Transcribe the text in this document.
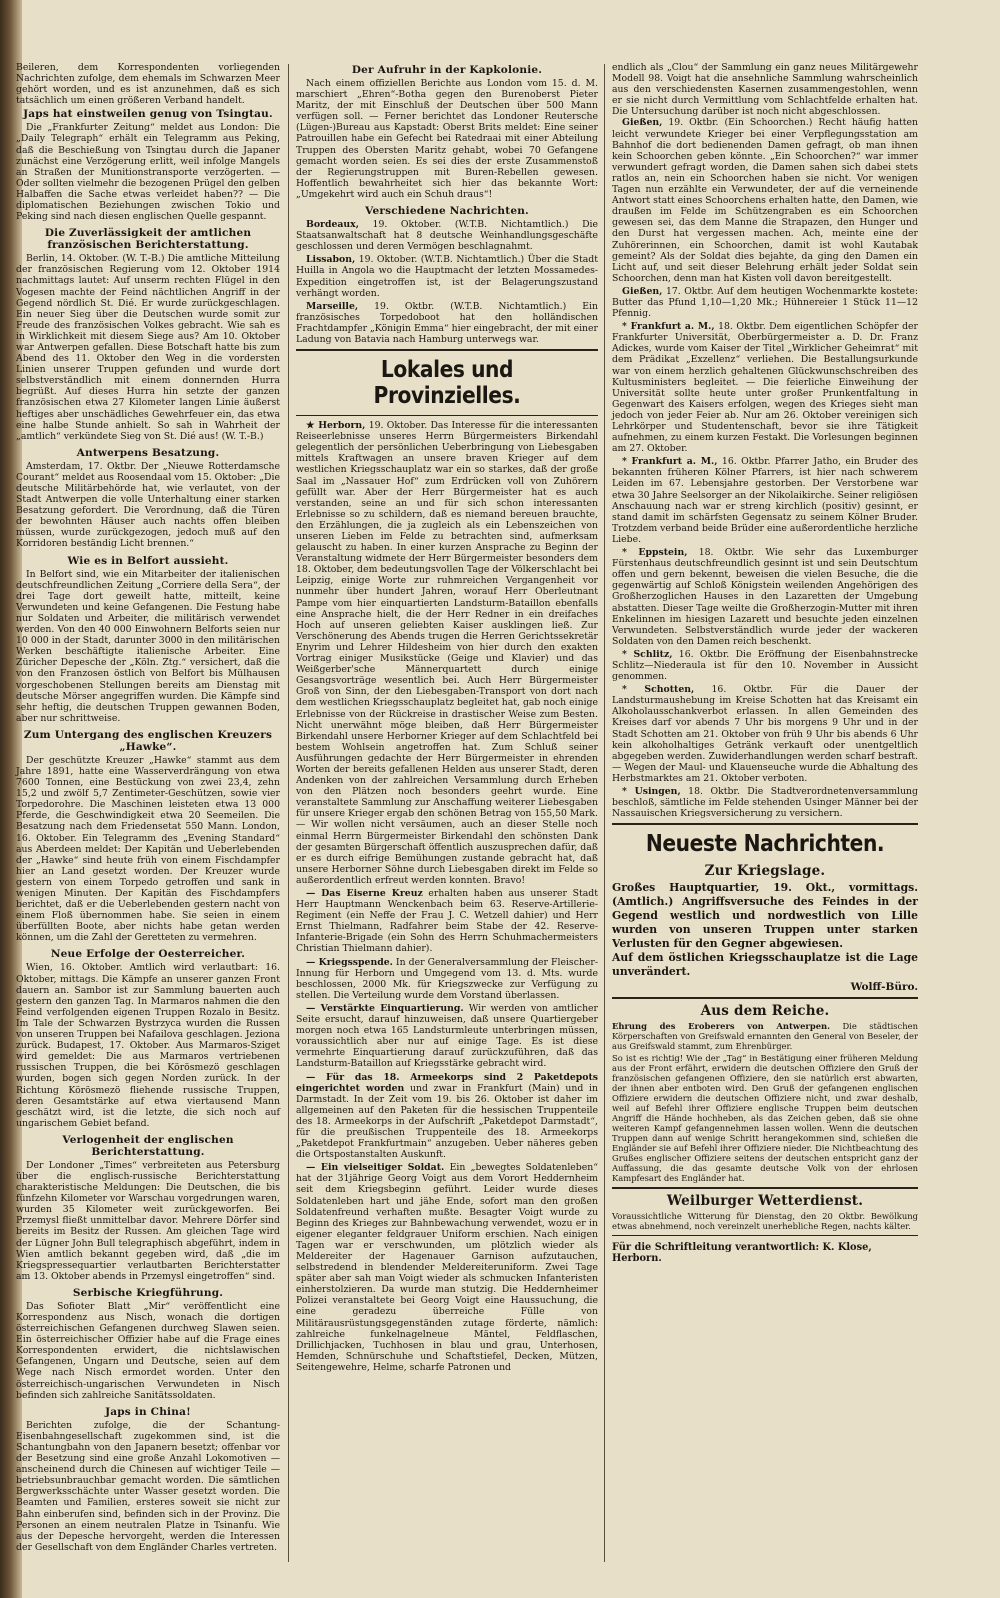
Beileren, dem Korrespondenten vorliegenden Nachrichten zufolge, dem ehemals im Schwarzen Meer gehört worden, und es ist anzunehmen, daß es sich tatsächlich um einen größeren Verband handelt.

Japs hat einstweilen genug von Tsingtau.

Die „Frankfurter Zeitung“ meldet aus London: Die „Daily Telegraph“ erhält ein Telegramm aus Peking, daß die Beschießung von Tsingtau durch die Japaner zunächst eine Verzögerung erlitt, weil infolge Mangels an Straßen der Munitionstransporte verzögerten. — Oder sollten vielmehr die bezogenen Prügel den gelben Halbaffen die Sache etwas verleidet haben?? — Die diplomatischen Beziehungen zwischen Tokio und Peking sind nach diesen englischen Quelle gespannt.

Die Zuverlässigkeit der amtlichen französischen Berichterstattung.

Berlin, 14. Oktober. (W. T.-B.) Die amtliche Mitteilung der französischen Regierung vom 12. Oktober 1914 nachmittags lautet: Auf unserm rechten Flügel in den Vogesen machte der Feind nächtlichen Angriff in der Gegend nördlich St. Dié. Er wurde zurückgeschlagen. Ein neuer Sieg über die Deutschen wurde somit zur Freude des französischen Volkes gebracht. Wie sah es in Wirklichkeit mit diesem Siege aus? Am 10. Oktober war Antwerpen gefallen. Diese Botschaft hatte bis zum Abend des 11. Oktober den Weg in die vordersten Linien unserer Truppen gefunden und wurde dort selbstverständlich mit einem donnernden Hurra begrüßt. Auf dieses Hurra hin setzte der ganzen französischen etwa 27 Kilometer langen Linie äußerst heftiges aber unschädliches Gewehrfeuer ein, das etwa eine halbe Stunde anhielt. So sah in Wahrheit der „amtlich“ verkündete Sieg von St. Dié aus! (W. T.-B.)

Antwerpens Besatzung.

Amsterdam, 17. Oktbr. Der „Nieuwe Rotterdamsche Courant“ meldet aus Roosendaal vom 15. Oktober: „Die deutsche Militärbehörde hat, wie verlautet, von der Stadt Antwerpen die volle Unterhaltung einer starken Besatzung gefordert. Die Verordnung, daß die Türen der bewohnten Häuser auch nachts offen bleiben müssen, wurde zurückgezogen, jedoch muß auf den Korridoren beständig Licht brennen.“

Wie es in Belfort aussieht.

In Belfort sind, wie ein Mitarbeiter der italienischen deutschfreundlichen Zeitung „Corriere della Sera“, der drei Tage dort geweilt hatte, mitteilt, keine Verwundeten und keine Gefangenen. Die Festung habe nur Soldaten und Arbeiter, die militärisch verwendet werden. Von den 40 000 Einwohnern Belforts seien nur 10 000 in der Stadt, darunter 3000 in den militärischen Werken beschäftigte italienische Arbeiter. Eine Züricher Depesche der „Köln. Ztg.“ versichert, daß die von den Franzosen östlich von Belfort bis Mülhausen vorgeschobenen Stellungen bereits am Dienstag mit deutsche Mörser angegriffen wurden. Die Kämpfe sind sehr heftig, die deutschen Truppen gewannen Boden, aber nur schrittweise.

Zum Untergang des englischen Kreuzers „Hawke“.

Der geschützte Kreuzer „Hawke“ stammt aus dem Jahre 1891, hatte eine Wasserverdrängung von etwa 7600 Tonnen, eine Bestückung von zwei 23,4, zehn 15,2 und zwölf 5,7 Zentimeter-Geschützen, sowie vier Torpedorohre. Die Maschinen leisteten etwa 13 000 Pferde, die Geschwindigkeit etwa 20 Seemeilen. Die Besatzung nach dem Friedensetat 550 Mann. London, 16. Oktober. Ein Telegramm des „Evening Standard“ aus Aberdeen meldet: Der Kapitän und Ueberlebenden der „Hawke“ sind heute früh von einem Fischdampfer hier an Land gesetzt worden. Der Kreuzer wurde gestern von einem Torpedo getroffen und sank in wenigen Minuten. Der Kapitän des Fischdampfers berichtet, daß er die Ueberlebenden gestern nacht von einem Floß übernommen habe. Sie seien in einem überfüllten Boote, aber nichts habe getan werden können, um die Zahl der Geretteten zu vermehren.

Neue Erfolge der Oesterreicher.

Wien, 16. Oktober. Amtlich wird verlautbart: 16. Oktober, mittags. Die Kämpfe an unserer ganzen Front dauern an. Sambor ist zur Sammlung bauerten auch gestern den ganzen Tag. In Marmaros nahmen die den Feind verfolgenden eigenen Truppen Rozalo in Besitz. Im Tale der Schwarzen Bystrzyca wurden die Russen von unseren Truppen bei Nafailova geschlagen. Jeziona zurück. Budapest, 17. Oktober. Aus Marmaros-Sziget wird gemeldet: Die aus Marmaros vertriebenen russischen Truppen, die bei Körösmezö geschlagen wurden, bogen sich gegen Norden zurück. In der Richtung Körösmezö fliehende russische Truppen, deren Gesamtstärke auf etwa viertausend Mann geschätzt wird, ist die letzte, die sich noch auf ungarischem Gebiet befand.

Verlogenheit der englischen Berichterstattung.

Der Londoner „Times“ verbreiteten aus Petersburg über die englisch-russische Berichterstattung charakteristische Meldungen: Die Deutschen, die bis fünfzehn Kilometer vor Warschau vorgedrungen waren, wurden 35 Kilometer weit zurückgeworfen. Bei Przemysl fließt unmittelbar davor. Mehrere Dörfer sind bereits im Besitz der Russen. Am gleichen Tage wird der Lügner John Bull telegraphisch abgeführt, indem in Wien amtlich bekannt gegeben wird, daß „die im Kriegspressequartier verlautbarten Berichterstatter am 13. Oktober abends in Przemysl eingetroffen“ sind.

Serbische Kriegführung.

Das Sofioter Blatt „Mir“ veröffentlicht eine Korrespondenz aus Nisch, wonach die dortigen österreichischen Gefangenen durchweg Slawen seien. Ein österreichischer Offizier habe auf die Frage eines Korrespondenten erwidert, die nichtslawischen Gefangenen, Ungarn und Deutsche, seien auf dem Wege nach Nisch ermordet worden. Unter den österreichisch-ungarischen Verwundeten in Nisch befinden sich zahlreiche Sanitätssoldaten.

Japs in China!

Berichten zufolge, die der Schantung-Eisenbahngesellschaft zugekommen sind, ist die Schantungbahn von den Japanern besetzt; offenbar vor der Besetzung sind eine große Anzahl Lokomotiven — anscheinend durch die Chinesen auf wichtiger Teile — betriebsunbrauchbar gemacht worden. Die sämtlichen Bergwerksschächte unter Wasser gesetzt worden. Die Beamten und Familien, ersteres soweit sie nicht zur Bahn einberufen sind, befinden sich in der Provinz. Die Personen an einem neutralen Platze in Tsinanfu. Wie aus der Depesche hervorgeht, werden die Interessen der Gesellschaft von dem Engländer Charles vertreten.

Der Aufruhr in der Kapkolonie.

Nach einem offiziellen Berichte aus London vom 15. d. M. marschiert „Ehren“-Botha gegen den Burenoberst Pieter Maritz, der mit Einschluß der Deutschen über 500 Mann verfügen soll. — Ferner berichtet das Londoner Reutersche (Lügen-)Bureau aus Kapstadt: Oberst Brits meldet: Eine seiner Patrouillen habe ein Gefecht bei Ratedraai mit einer Abteilung Truppen des Obersten Maritz gehabt, wobei 70 Gefangene gemacht worden seien. Es sei dies der erste Zusammenstoß der Regierungstruppen mit Buren-Rebellen gewesen. Hoffentlich bewahrheitet sich hier das bekannte Wort: „Umgekehrt wird auch ein Schuh draus“!

Verschiedene Nachrichten.

Bordeaux, 19. Oktober. (W.T.B. Nichtamtlich.) Die Staatsanwaltschaft hat 8 deutsche Weinhandlungsgeschäfte geschlossen und deren Vermögen beschlagnahmt.

Lissabon, 19. Oktober. (W.T.B. Nichtamtlich.) Über die Stadt Huilla in Angola wo die Hauptmacht der letzten Mossamedes-Expedition eingetroffen ist, ist der Belagerungszustand verhängt worden.

Marseille, 19. Oktbr. (W.T.B. Nichtamtlich.) Ein französisches Torpedoboot hat den holländischen Frachtdampfer „Königin Emma“ hier eingebracht, der mit einer Ladung von Batavia nach Hamburg unterwegs war.

Lokales und Provinzielles.

★ Herborn, 19. Oktober. Das Interesse für die interessanten Reiseerlebnisse unseres Herrn Bürgermeisters Birkendahl gelegentlich der persönlichen Ueberbringung von Liebesgaben mittels Kraftwagen an unsere braven Krieger auf dem westlichen Kriegsschauplatz war ein so starkes, daß der große Saal im „Nassauer Hof“ zum Erdrücken voll von Zuhörern gefüllt war. Aber der Herr Bürgermeister hat es auch verstanden, seine an und für sich schon interessanten Erlebnisse so zu schildern, daß es niemand bereuen brauchte, den Erzählungen, die ja zugleich als ein Lebenszeichen von unseren Lieben im Felde zu betrachten sind, aufmerksam gelauscht zu haben. In einer kurzen Ansprache zu Beginn der Veranstaltung widmete der Herr Bürgermeister besonders dem 18. Oktober, dem bedeutungsvollen Tage der Völkerschlacht bei Leipzig, einige Worte zur ruhmreichen Vergangenheit vor nunmehr über hundert Jahren, worauf Herr Oberleutnant Pampe vom hier einquartierten Landsturm-Bataillon ebenfalls eine Ansprache hielt, die der Herr Redner in ein dreifaches Hoch auf unseren geliebten Kaiser ausklingen ließ. Zur Verschönerung des Abends trugen die Herren Gerichtssekretär Enyrim und Lehrer Hildesheim von hier durch den exakten Vortrag einiger Musikstücke (Geige und Klavier) und das Weißgerber'sche Männerquartett durch einige Gesangsvorträge wesentlich bei. Auch Herr Bürgermeister Groß von Sinn, der den Liebesgaben-Transport von dort nach dem westlichen Kriegsschauplatz begleitet hat, gab noch einige Erlebnisse von der Rückreise in drastischer Weise zum Besten. Nicht unerwähnt möge bleiben, daß Herr Bürgermeister Birkendahl unsere Herborner Krieger auf dem Schlachtfeld bei bestem Wohlsein angetroffen hat. Zum Schluß seiner Ausführungen gedachte der Herr Bürgermeister in ehrenden Worten der bereits gefallenen Helden aus unserer Stadt, deren Andenken von der zahlreichen Versammlung durch Erheben von den Plätzen noch besonders geehrt wurde. Eine veranstaltete Sammlung zur Anschaffung weiterer Liebesgaben für unsere Krieger ergab den schönen Betrag von 155,50 Mark. — Wir wollen nicht versäumen, auch an dieser Stelle noch einmal Herrn Bürgermeister Birkendahl den schönsten Dank der gesamten Bürgerschaft öffentlich auszusprechen dafür, daß er es durch eifrige Bemühungen zustande gebracht hat, daß unsere Herborner Söhne durch Liebesgaben direkt im Felde so außerordentlich erfreut werden konnten. Bravo!

— Das Eiserne Kreuz erhalten haben aus unserer Stadt Herr Hauptmann Wenckenbach beim 63. Reserve-Artillerie-Regiment (ein Neffe der Frau J. C. Wetzell dahier) und Herr Ernst Thielmann, Radfahrer beim Stabe der 42. Reserve-Infanterie-Brigade (ein Sohn des Herrn Schuhmachermeisters Christian Thielmann dahier).

— Kriegsspende. In der Generalversammlung der Fleischer-Innung für Herborn und Umgegend vom 13. d. Mts. wurde beschlossen, 2000 Mk. für Kriegszwecke zur Verfügung zu stellen. Die Verteilung wurde dem Vorstand überlassen.

— Verstärkte Einquartierung. Wir werden von amtlicher Seite ersucht, darauf hinzuweisen, daß unsere Quartiergeber morgen noch etwa 165 Landsturmleute unterbringen müssen, voraussichtlich aber nur auf einige Tage. Es ist diese vermehrte Einquartierung darauf zurückzuführen, daß das Landsturm-Bataillon auf Kriegsstärke gebracht wird.

— Für das 18. Armeekorps sind 2 Paketdepots eingerichtet worden und zwar in Frankfurt (Main) und in Darmstadt. In der Zeit vom 19. bis 26. Oktober ist daher im allgemeinen auf den Paketen für die hessischen Truppenteile des 18. Armeekorps in der Aufschrift „Paketdepot Darmstadt“, für die preußischen Truppenteile des 18. Armeekorps „Paketdepot Frankfurtmain“ anzugeben. Ueber näheres geben die Ortspostanstalten Auskunft.

— Ein vielseitiger Soldat. Ein „bewegtes Soldatenleben“ hat der 31jährige Georg Voigt aus dem Vorort Heddernheim seit dem Kriegsbeginn geführt. Leider wurde dieses Soldatenleben hart und jähe Ende, sofort man den großen Soldatenfreund verhaften mußte. Besagter Voigt wurde zu Beginn des Krieges zur Bahnbewachung verwendet, wozu er in eigener eleganter feldgrauer Uniform erschien. Nach einigen Tagen war er verschwunden, um plötzlich wieder als Meldereiter der Hagenauer Garnison aufzutauchen, selbstredend in blendender Meldereiteruniform. Zwei Tage später aber sah man Voigt wieder als schmucken Infanteristen einherstolzieren. Da wurde man stutzig. Die Heddernheimer Polizei veranstaltete bei Georg Voigt eine Haussuchung, die eine geradezu überreiche Fülle von Militärausrüstungsgegenständen zutage förderte, nämlich: zahlreiche funkelnagelneue Mäntel, Feldflaschen, Drillichjacken, Tuchhosen in blau und grau, Unterhosen, Hemden, Schnürschuhe und Schaftstiefel, Decken, Mützen, Seitengewehre, Helme, scharfe Patronen und

endlich als „Clou“ der Sammlung ein ganz neues Militärgewehr Modell 98. Voigt hat die ansehnliche Sammlung wahrscheinlich aus den verschiedensten Kasernen zusammengestohlen, wenn er sie nicht durch Vermittlung vom Schlachtfelde erhalten hat. Die Untersuchung darüber ist noch nicht abgeschlossen.

Gießen, 19. Oktbr. (Ein Schoorchen.) Recht häufig hatten leicht verwundete Krieger bei einer Verpflegungsstation am Bahnhof die dort bedienenden Damen gefragt, ob man ihnen kein Schoorchen geben könnte. „Ein Schoorchen?“ war immer verwundert gefragt worden, die Damen sahen sich dabei stets ratlos an, nein ein Schoorchen haben sie nicht. Vor wenigen Tagen nun erzählte ein Verwundeter, der auf die verneinende Antwort statt eines Schoorchens erhalten hatte, den Damen, wie draußen im Felde im Schützengraben es ein Schoorchen gewesen sei, das dem Manne die Strapazen, den Hunger und den Durst hat vergessen machen. Ach, meinte eine der Zuhörerinnen, ein Schoorchen, damit ist wohl Kautabak gemeint? Als der Soldat dies bejahte, da ging den Damen ein Licht auf, und seit dieser Belehrung erhält jeder Soldat sein Schoorchen, denn man hat Kisten voll davon bereitgestellt.

Gießen, 17. Oktbr. Auf dem heutigen Wochenmarkte kostete: Butter das Pfund 1,10—1,20 Mk.; Hühnereier 1 Stück 11—12 Pfennig.

* Frankfurt a. M., 18. Oktbr. Dem eigentlichen Schöpfer der Frankfurter Universität, Oberbürgermeister a. D. Dr. Franz Adickes, wurde vom Kaiser der Titel „Wirklicher Geheimrat“ mit dem Prädikat „Exzellenz“ verliehen. Die Bestallungsurkunde war von einem herzlich gehaltenen Glückwunschschreiben des Kultusministers begleitet. — Die feierliche Einweihung der Universität sollte heute unter großer Prunkentfaltung in Gegenwart des Kaisers erfolgen, wegen des Krieges sieht man jedoch von jeder Feier ab. Nur am 26. Oktober vereinigen sich Lehrkörper und Studentenschaft, bevor sie ihre Tätigkeit aufnehmen, zu einem kurzen Festakt. Die Vorlesungen beginnen am 27. Oktober.

* Frankfurt a. M., 16. Oktbr. Pfarrer Jatho, ein Bruder des bekannten früheren Kölner Pfarrers, ist hier nach schwerem Leiden im 67. Lebensjahre gestorben. Der Verstorbene war etwa 30 Jahre Seelsorger an der Nikolaikirche. Seiner religiösen Anschauung nach war er streng kirchlich (positiv) gesinnt, er stand damit im schärfsten Gegensatz zu seinem Kölner Bruder. Trotzdem verband beide Brüder eine außerordentliche herzliche Liebe.

* Eppstein, 18. Oktbr. Wie sehr das Luxemburger Fürstenhaus deutschfreundlich gesinnt ist und sein Deutschtum offen und gern bekennt, beweisen die vielen Besuche, die die gegenwärtig auf Schloß Königstein weilenden Angehörigen des Großherzoglichen Hauses in den Lazaretten der Umgebung abstatten. Dieser Tage weilte die Großherzogin-Mutter mit ihren Enkelinnen im hiesigen Lazarett und besuchte jeden einzelnen Verwundeten. Selbstverständlich wurde jeder der wackeren Soldaten von den Damen reich beschenkt.

* Schlitz, 16. Oktbr. Die Eröffnung der Eisenbahnstrecke Schlitz—Niederaula ist für den 10. November in Aussicht genommen.

* Schotten, 16. Oktbr. Für die Dauer der Landsturmaushebung im Kreise Schotten hat das Kreisamt ein Alkoholausschankverbot erlassen. In allen Gemeinden des Kreises darf vor abends 7 Uhr bis morgens 9 Uhr und in der Stadt Schotten am 21. Oktober von früh 9 Uhr bis abends 6 Uhr kein alkoholhaltiges Getränk verkauft oder unentgeltlich abgegeben werden. Zuwiderhandlungen werden scharf bestraft. — Wegen der Maul- und Klauenseuche wurde die Abhaltung des Herbstmarktes am 21. Oktober verboten.

* Usingen, 18. Oktbr. Die Stadtverordnetenversammlung beschloß, sämtliche im Felde stehenden Usinger Männer bei der Nassauischen Kriegsversicherung zu versichern.

Neueste Nachrichten.
Zur Kriegslage.

Großes Hauptquartier, 19. Okt., vormittags. (Amtlich.) Angriffsversuche des Feindes in der Gegend westlich und nordwestlich von Lille wurden von unseren Truppen unter starken Verlusten für den Gegner abgewiesen.

Auf dem östlichen Kriegsschauplatze ist die Lage unverändert.

Wolff-Büro.
Aus dem Reiche.

Ehrung des Eroberers von Antwerpen. Die städtischen Körperschaften von Greifswald ernannten den General von Beseler, der aus Greifswald stammt, zum Ehrenbürger.

So ist es richtig! Wie der „Tag“ in Bestätigung einer früheren Meldung aus der Front erfährt, erwidern die deutschen Offiziere den Gruß der französischen gefangenen Offiziere, den sie natürlich erst abwarten, der ihnen aber entboten wird. Den Gruß der gefangenen englischen Offiziere erwidern die deutschen Offiziere nicht, und zwar deshalb, weil auf Befehl ihrer Offiziere englische Truppen beim deutschen Angriff die Hände hochheben, als das Zeichen geben, daß sie ohne weiteren Kampf gefangennehmen lassen wollen. Wenn die deutschen Truppen dann auf wenige Schritt herangekommen sind, schießen die Engländer sie auf Befehl ihrer Offiziere nieder. Die Nichtbeachtung des Grußes englischer Offiziere seitens der deutschen entspricht ganz der Auffassung, die das gesamte deutsche Volk von der ehrlosen Kampfesart des Engländer hat.

Weilburger Wetterdienst.

Voraussichtliche Witterung für Dienstag, den 20 Oktbr. Bewölkung etwas abnehmend, noch vereinzelt unerhebliche Regen, nachts kälter.

Für die Schriftleitung verantwortlich: K. Klose, Herborn.
